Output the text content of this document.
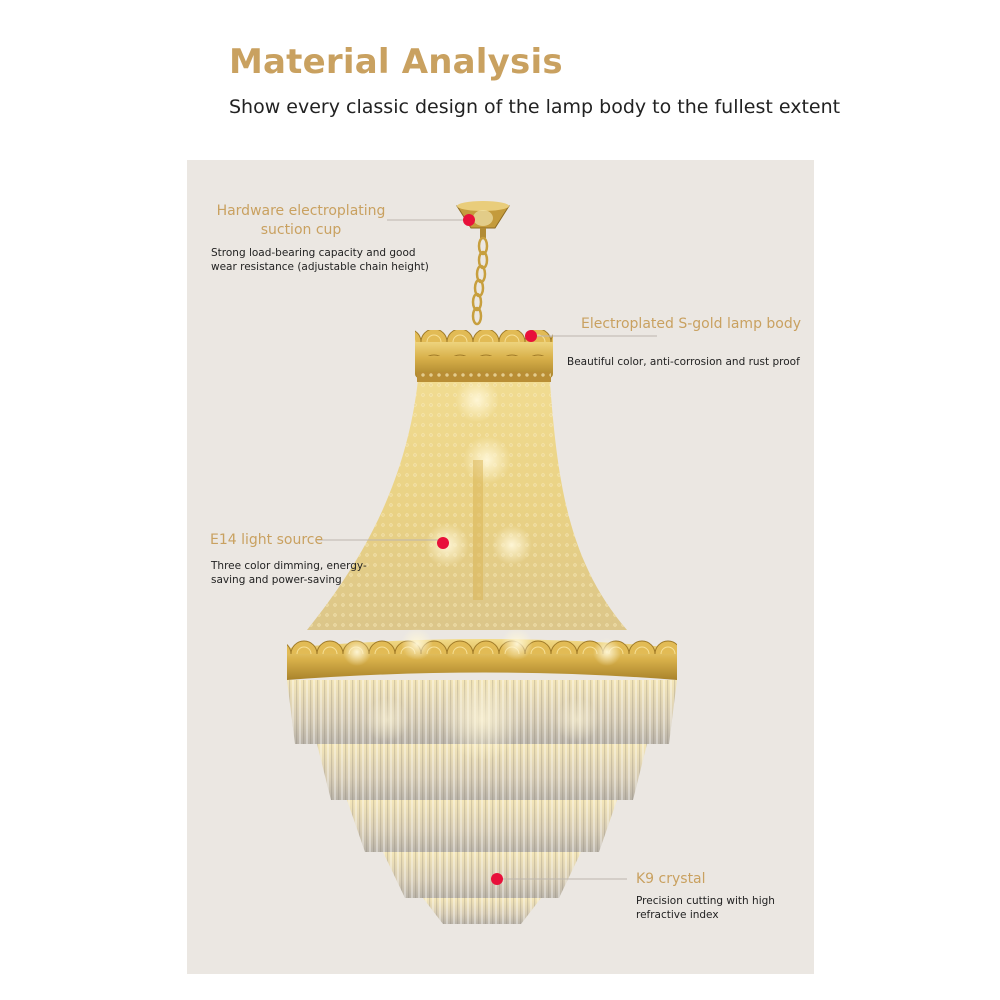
Material Analysis
Show every classic design of the lamp body to the fullest extent
Hardware electroplating
suction cup
Strong load-bearing capacity and good
wear resistance (adjustable chain height)
Electroplated S-gold lamp body
Beautiful color, anti-corrosion and rust proof
E14 light source
Three color dimming, energy-
saving and power-saving
K9 crystal
Precision cutting with high
refractive index
